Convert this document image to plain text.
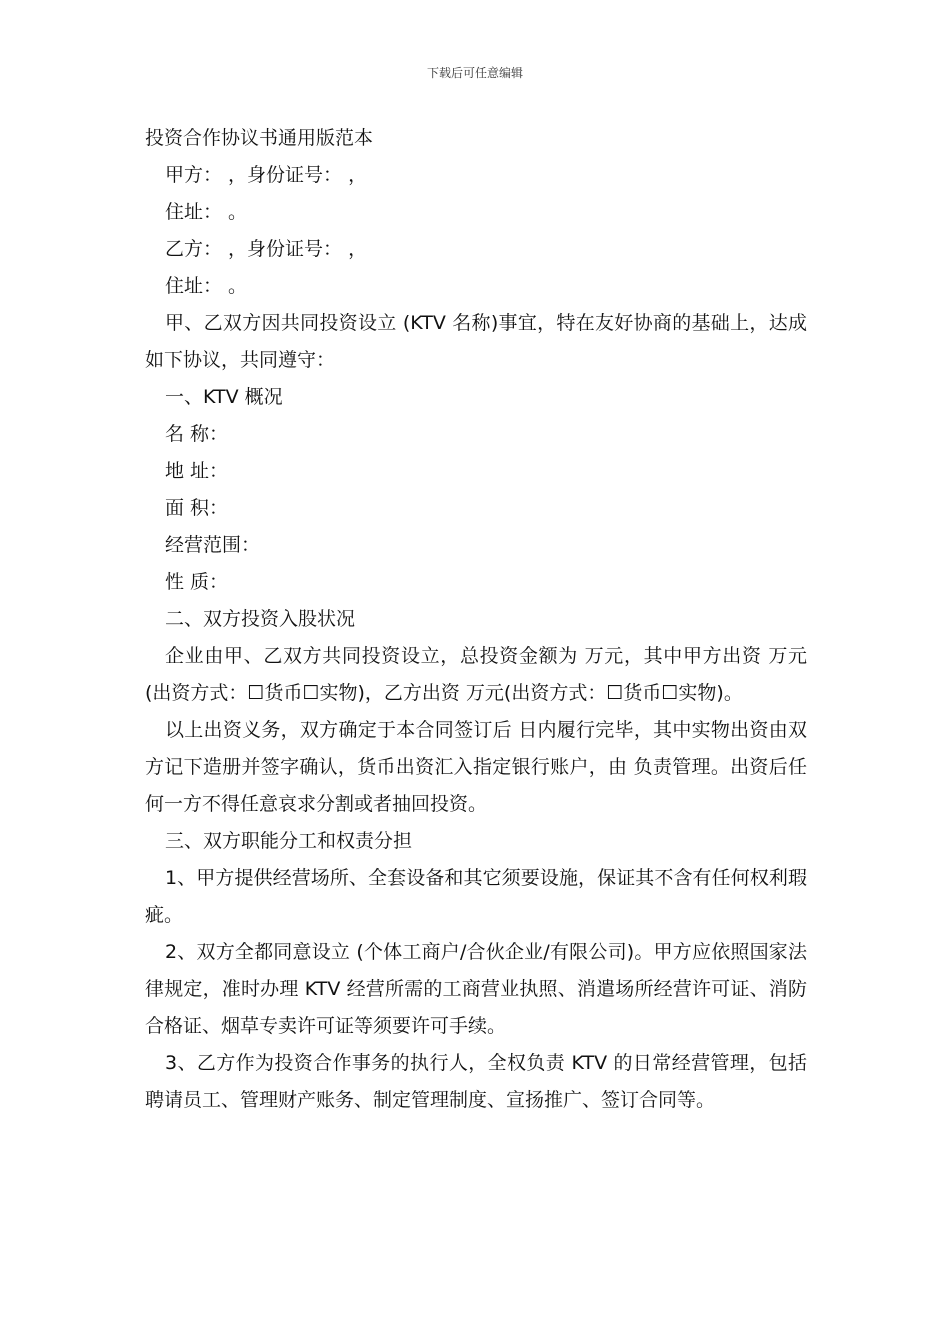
下载后可任意编辑
投资合作协议书通用版范本
甲方： ，身份证号： ，
住址： 。
乙方： ，身份证号： ，
住址： 。
甲、乙双方因共同投资设立 (KTV 名称)事宜，特在友好协商的基础上，达成如下协议，共同遵守：
一、KTV 概况
名 称：
地 址：
面 积：
经营范围：
性 质：
二、双方投资入股状况
企业由甲、乙双方共同投资设立，总投资金额为 万元，其中甲方出资 万元(出资方式：☐货币☐实物)，乙方出资 万元(出资方式：☐货币☐实物)。
以上出资义务，双方确定于本合同签订后 日内履行完毕，其中实物出资由双方记下造册并签字确认，货币出资汇入指定银行账户，由 负责管理。出资后任何一方不得任意哀求分割或者抽回投资。
三、双方职能分工和权责分担
1、甲方提供经营场所、全套设备和其它须要设施，保证其不含有任何权利瑕疵。
2、双方全都同意设立 (个体工商户/合伙企业/有限公司)。甲方应依照国家法律规定，准时办理 KTV 经营所需的工商营业执照、消遣场所经营许可证、消防合格证、烟草专卖许可证等须要许可手续。
3、乙方作为投资合作事务的执行人，全权负责 KTV 的日常经营管理，包括聘请员工、管理财产账务、制定管理制度、宣扬推广、签订合同等。
